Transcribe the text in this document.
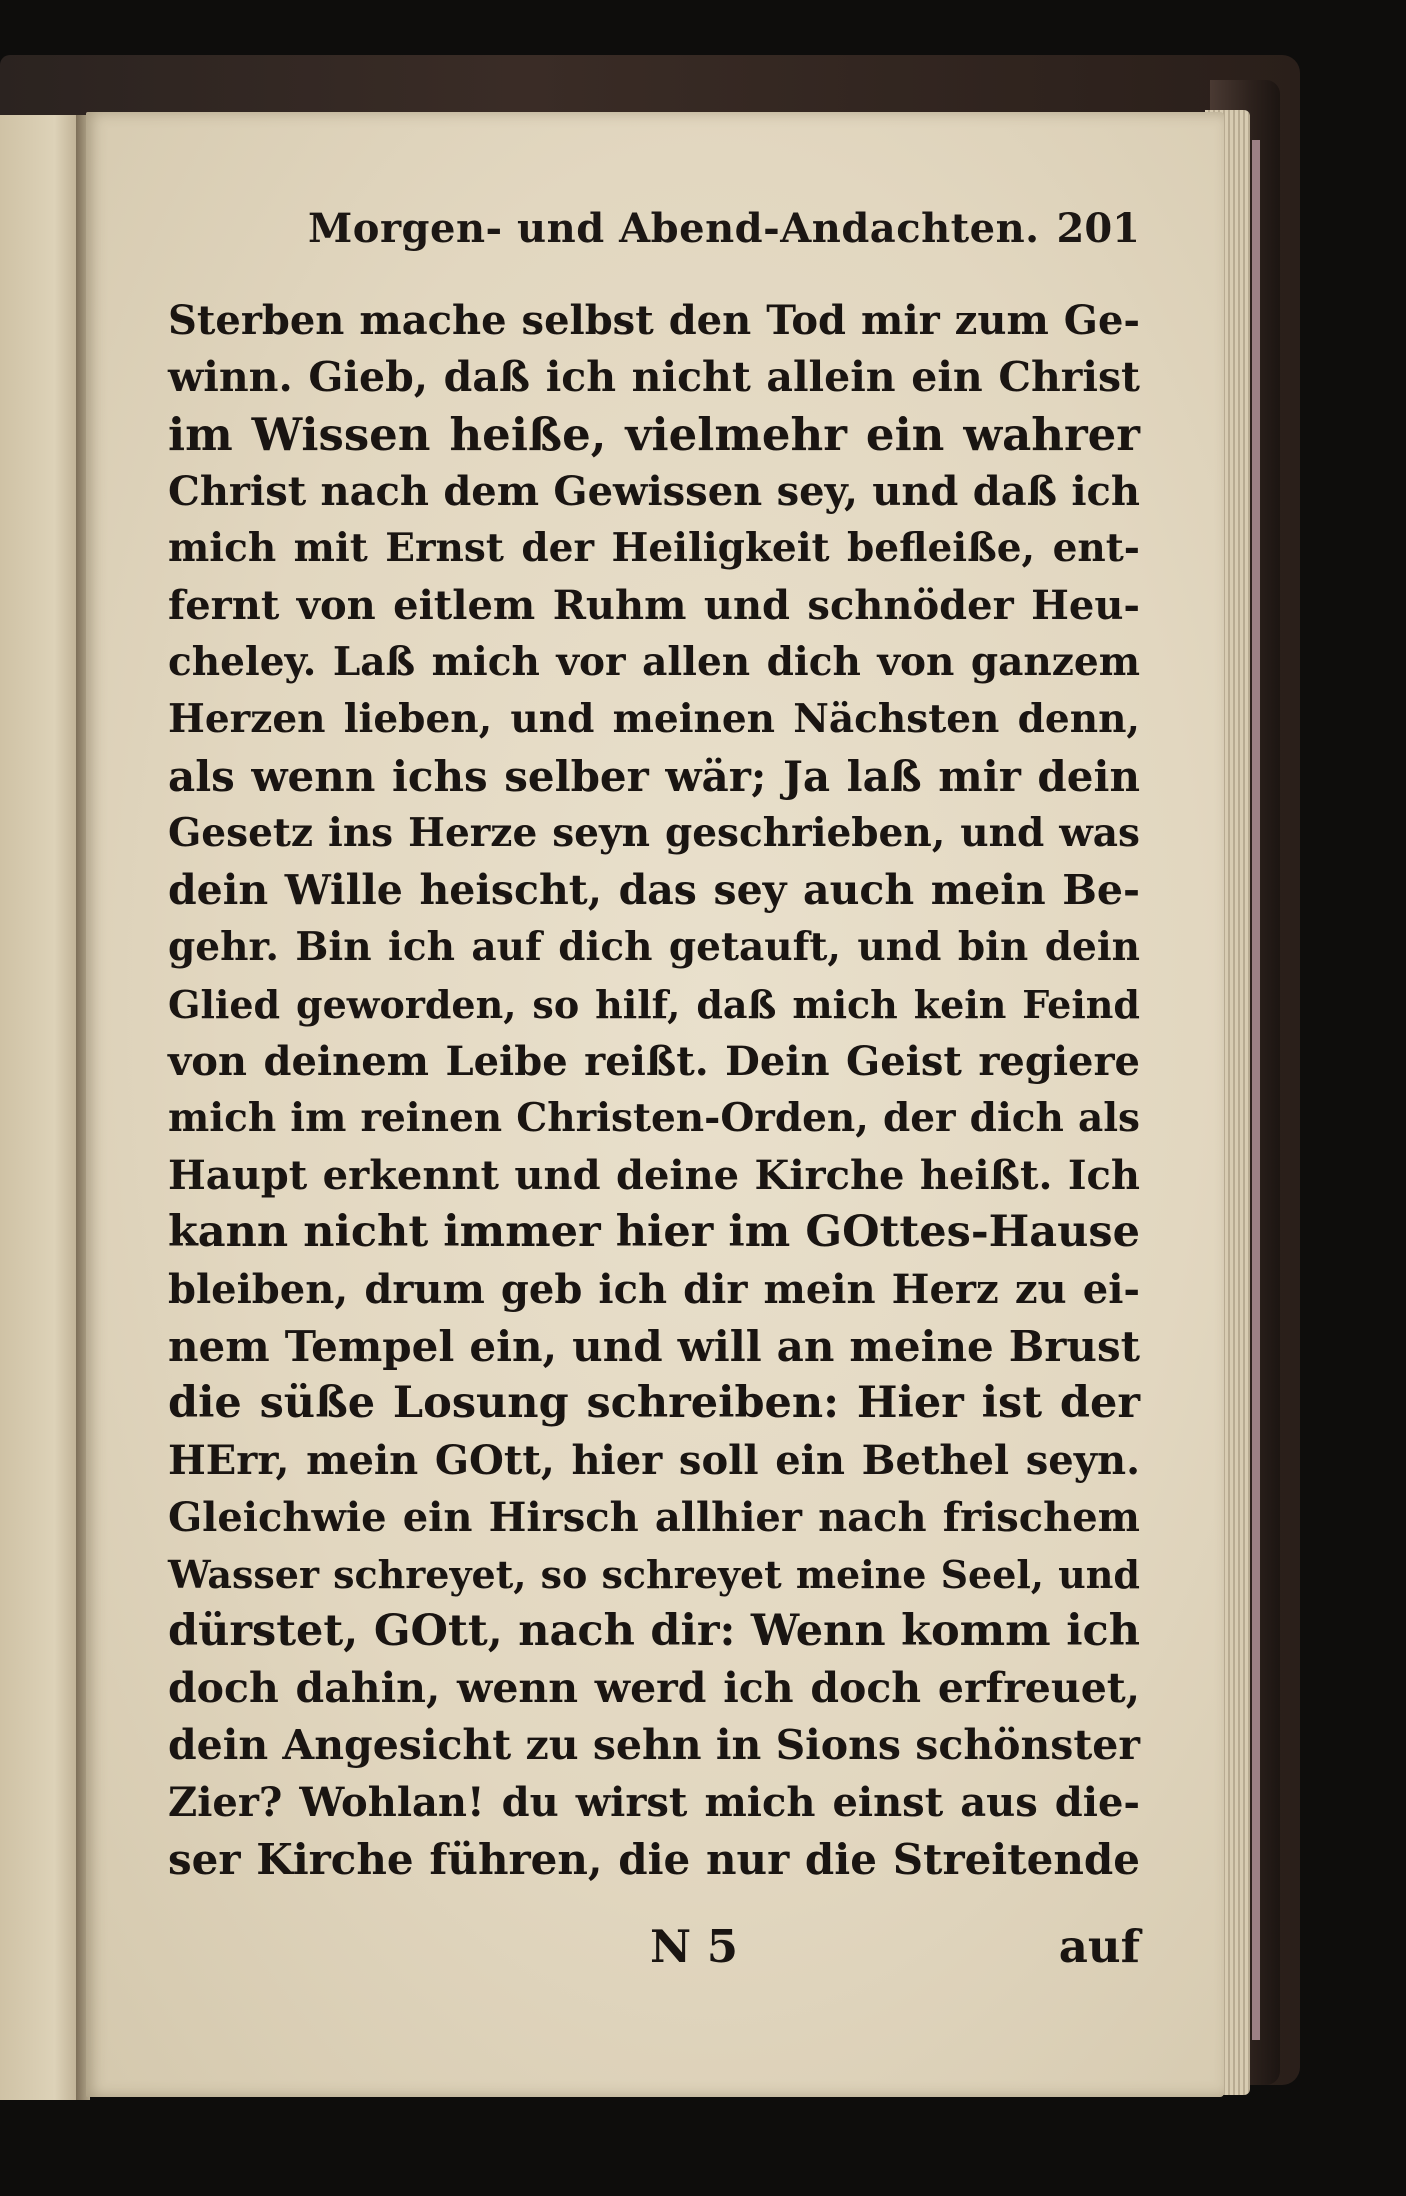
Morgen- und Abend-Andachten. 201
Sterben mache selbst den Tod mir zum Ge-
winn. Gieb, daß ich nicht allein ein Christ
im Wissen heiße, vielmehr ein wahrer
Christ nach dem Gewissen sey, und daß ich
mich mit Ernst der Heiligkeit befleiße, ent-
fernt von eitlem Ruhm und schnöder Heu-
cheley. Laß mich vor allen dich von ganzem
Herzen lieben, und meinen Nächsten denn,
als wenn ichs selber wär; Ja laß mir dein
Gesetz ins Herze seyn geschrieben, und was
dein Wille heischt, das sey auch mein Be-
gehr. Bin ich auf dich getauft, und bin dein
Glied geworden, so hilf, daß mich kein Feind
von deinem Leibe reißt. Dein Geist regiere
mich im reinen Christen-Orden, der dich als
Haupt erkennt und deine Kirche heißt. Ich
kann nicht immer hier im GOttes-Hause
bleiben, drum geb ich dir mein Herz zu ei-
nem Tempel ein, und will an meine Brust
die süße Losung schreiben: Hier ist der
HErr, mein GOtt, hier soll ein Bethel seyn.
Gleichwie ein Hirsch allhier nach frischem
Wasser schreyet, so schreyet meine Seel, und
dürstet, GOtt, nach dir: Wenn komm ich
doch dahin, wenn werd ich doch erfreuet,
dein Angesicht zu sehn in Sions schönster
Zier? Wohlan! du wirst mich einst aus die-
ser Kirche führen, die nur die Streitende
N 5	auf
